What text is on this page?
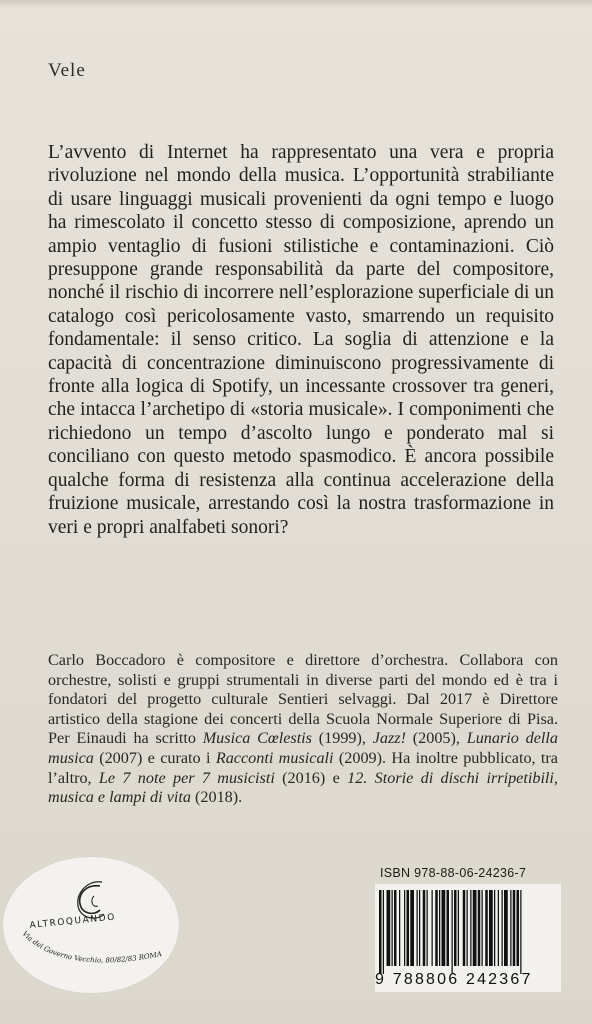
Vele

L’avvento di Internet ha rappresentato una vera e propria rivoluzione nel mondo della musica. L’opportunità strabiliante di usare linguaggi musicali provenienti da ogni tempo e luogo ha rimescolato il concetto stesso di composizione, aprendo un ampio ventaglio di fusioni stilistiche e contaminazioni. Ciò presuppone grande responsabilità da parte del compositore, nonché il rischio di incorrere nell’esplorazione superficiale di un catalogo così pericolosamente vasto, smarrendo un requisito fondamentale: il senso critico. La soglia di attenzione e la capacità di concentrazione diminuiscono progressivamente di fronte alla logica di Spotify, un incessante crossover tra generi, che intacca l’archetipo di «storia musicale». I componimenti che richiedono un tempo d’ascolto lungo e ponderato mal si conciliano con questo metodo spasmodico. È ancora possibile qualche forma di resistenza alla continua accelerazione della fruizione musicale, arrestando così la nostra trasformazione in veri e propri analfabeti sonori?

Carlo Boccadoro è compositore e direttore d’orchestra. Collabora con orchestre, solisti e gruppi strumentali in diverse parti del mondo ed è tra i fondatori del progetto culturale Sentieri selvaggi. Dal 2017 è Direttore artistico della stagione dei concerti della Scuola Normale Superiore di Pisa. Per Einaudi ha scritto Musica Cœlestis (1999), Jazz! (2005), Lunario della musica (2007) e curato i Racconti musicali (2009). Ha inoltre pubblicato, tra l’altro, Le 7 note per 7 musicisti (2016) e 12. Storie di dischi irripetibili, musica e lampi di vita (2018).

ALTROQUANDO
Via del Governo Vecchio, 80/82/83 ROMA
ISBN 978-88-06-24236-7
9 788806 242367
